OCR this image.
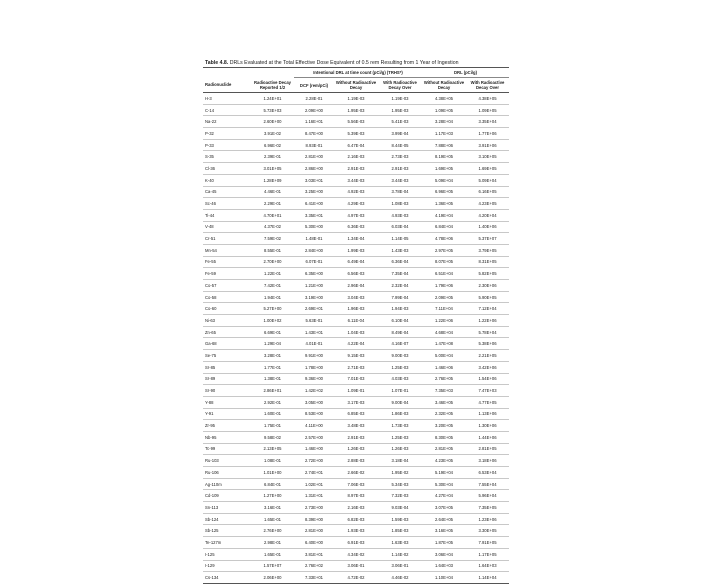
Table 4.8. DRLs Evaluated at the Total Effective Dose Equivalent of 0.5 rem Resulting from 1 Year of Ingestion
		Intentional DRL at time count (pCi/g) (TRHS*)			DRL (pCi/g)	
Radionuclide	Radioactive Decay Reported 1/2	DCF (rem/pCi)	Without Radioactive Decay	With Radioactive Decay Over	Without Radioactive Decay	With Radioactive Decay Over
H-3	1.24E+01	2.28E-01	1.19E-03	1.19E-03	4.38E+05	4.38E+05
C-14	5.73E+03	2.09E+00	1.95E-03	1.95E-03	1.09E+05	1.09E+05
Na-22	2.60E+00	1.16E+01	5.56E-03	5.41E-03	3.28E+04	3.35E+04
P-32	3.91E-02	8.47E+00	5.39E-03	3.99E-04	1.17E+03	1.77E+06
P-33	6.96E-02	8.93E-01	6.47E-04	8.44E-05	7.88E+06	3.91E+06
S-35	2.39E-01	2.81E+00	2.16E-03	2.73E-03	8.19E+05	3.10E+05
Cl-36	3.01E+05	2.86E+00	2.91E-03	2.91E-03	1.69E+05	1.69E+05
K-40	1.28E+09	3.03E+01	3.44E-03	3.44E-03	5.09E+04	5.09E+04
Ca-45	4.46E-01	3.25E+00	4.92E-03	3.78E-04	6.96E+05	6.16E+05
Sc-46	2.29E-01	6.41E+00	4.29E-03	1.08E-03	1.36E+05	4.23E+05
Ti-44	4.70E+01	3.35E+01	4.97E-03	4.93E-03	4.19E+04	4.20E+04
V-48	4.37E-02	5.30E+00	6.36E-03	6.03E-04	6.84E+04	1.40E+06
Cr-51	7.59E-02	1.48E-01	1.34E-04	1.14E-05	4.78E+06	5.37E+07
Mn-54	8.55E-01	2.84E+00	1.99E-03	1.43E-03	2.97E+05	3.79E+05
Fe-55	2.70E+00	6.07E-01	6.49E-04	6.36E-04	8.07E+05	8.31E+05
Fe-59	1.22E-01	6.35E+00	6.56E-03	7.35E-04	6.51E+04	5.82E+05
Co-57	7.42E-01	1.21E+00	2.96E-04	2.32E-04	1.79E+06	2.30E+06
Co-58	1.94E-01	3.19E+00	3.04E-03	7.99E-04	2.09E+05	5.90E+05
Co-60	5.27E+00	2.69E+01	1.96E-03	1.94E-03	7.11E+04	7.12E+04
Ni-63	1.00E+02	5.63E-01	6.11E-04	6.10E-04	1.22E+06	1.22E+06
Zn-65	6.69E-01	1.43E+01	1.04E-03	8.49E-04	4.68E+04	5.78E+04
Ga-68	1.29E-04	4.01E-01	4.22E-04	4.16E-07	1.47E+08	5.38E+06
Se-75	3.28E-01	9.91E+00	9.15E-03	9.00E-03	5.00E+04	2.21E+05
Sr-85	1.77E-01	1.78E+00	2.71E-03	1.25E-03	1.46E+06	3.42E+06
Sr-89	1.38E-01	9.36E+00	7.01E-03	4.03E-03	2.76E+05	1.54E+06
Sr-90	2.86E+01	1.42E+02	1.09E-01	1.07E-01	7.35E+03	7.47E+03
Y-88	2.92E-01	3.05E+00	3.17E-03	9.00E-04	3.46E+05	4.77E+05
Y-91	1.60E-01	8.53E+00	6.85E-03	1.86E-03	2.32E+05	1.13E+06
Zr-95	1.75E-01	4.11E+00	3.48E-03	1.73E-03	3.20E+05	1.30E+06
Nb-95	9.58E-02	2.57E+00	2.91E-03	1.25E-03	8.30E+05	1.44E+06
Tc-99	2.13E+05	1.46E+00	1.26E-03	1.26E-03	2.81E+05	2.81E+05
Ru-103	1.08E-01	2.72E+00	2.88E-03	3.18E-04	4.23E+05	3.18E+06
Ru-106	1.01E+00	2.74E+01	2.66E-02	1.95E-02	5.19E+04	6.53E+04
Ag-110m	6.84E-01	1.02E+01	7.06E-03	5.34E-03	5.30E+04	7.55E+04
Cd-109	1.27E+00	1.31E+01	8.97E-03	7.32E-03	4.27E+04	5.96E+04
Sn-113	3.16E-01	2.73E+00	2.16E-03	9.03E-04	3.07E+05	7.35E+05
Sb-124	1.65E-01	8.39E+00	6.82E-03	1.59E-03	2.64E+05	1.23E+06
Sb-125	2.76E+00	2.81E+00	1.93E-03	1.85E-03	3.16E+05	3.30E+05
Te-127m	2.98E-01	6.40E+00	6.91E-03	1.63E-03	1.87E+05	7.91E+05
I-125	1.65E-01	3.81E+01	4.34E-02	1.14E-02	3.06E+04	1.17E+05
I-129	1.57E+07	2.76E+02	3.06E-01	3.06E-01	1.64E+03	1.64E+03
Cs-134	2.06E+00	7.33E+01	4.72E-02	4.46E-02	1.10E+04	1.14E+04
